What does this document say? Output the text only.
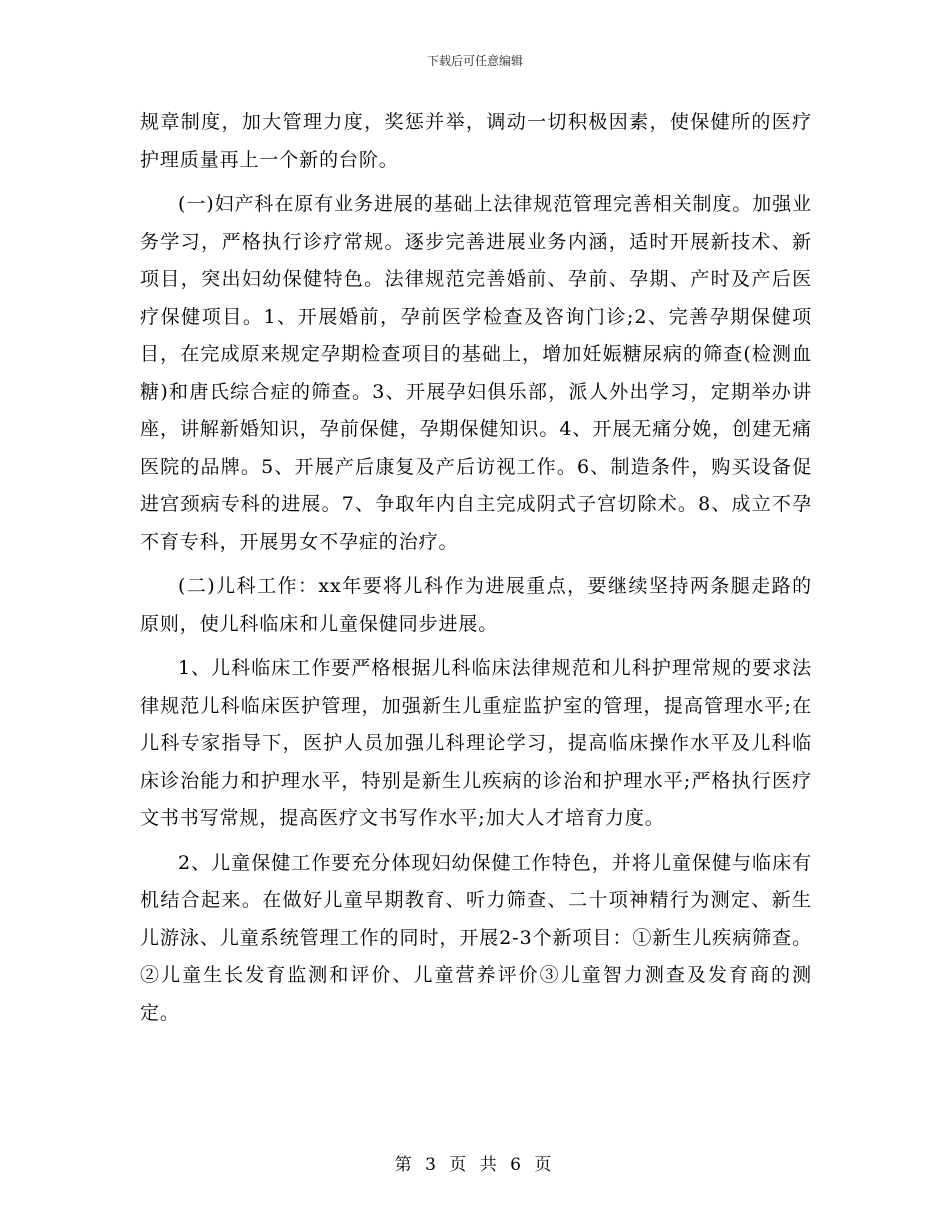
下载后可任意编辑

规章制度，加大管理力度，奖惩并举，调动一切积极因素，使保健所的医疗护理质量再上一个新的台阶。

(一)妇产科在原有业务进展的基础上法律规范管理完善相关制度。加强业务学习，严格执行诊疗常规。逐步完善进展业务内涵，适时开展新技术、新项目，突出妇幼保健特色。法律规范完善婚前、孕前、孕期、产时及产后医疗保健项目。1、开展婚前，孕前医学检查及咨询门诊;2、完善孕期保健项目，在完成原来规定孕期检查项目的基础上，增加妊娠糖尿病的筛查(检测血糖)和唐氏综合症的筛查。3、开展孕妇俱乐部，派人外出学习，定期举办讲座，讲解新婚知识，孕前保健，孕期保健知识。4、开展无痛分娩，创建无痛医院的品牌。5、开展产后康复及产后访视工作。6、制造条件，购买设备促进宫颈病专科的进展。7、争取年内自主完成阴式子宫切除术。8、成立不孕不育专科，开展男女不孕症的治疗。

(二)儿科工作：xx年要将儿科作为进展重点，要继续坚持两条腿走路的原则，使儿科临床和儿童保健同步进展。

1、儿科临床工作要严格根据儿科临床法律规范和儿科护理常规的要求法律规范儿科临床医护管理，加强新生儿重症监护室的管理，提高管理水平;在儿科专家指导下，医护人员加强儿科理论学习，提高临床操作水平及儿科临床诊治能力和护理水平，特别是新生儿疾病的诊治和护理水平;严格执行医疗文书书写常规，提高医疗文书写作水平;加大人才培育力度。

2、儿童保健工作要充分体现妇幼保健工作特色，并将儿童保健与临床有机结合起来。在做好儿童早期教育、听力筛查、二十项神精行为测定、新生儿游泳、儿童系统管理工作的同时，开展2-3个新项目：①新生儿疾病筛查。②儿童生长发育监测和评价、儿童营养评价③儿童智力测查及发育商的测定。

第 3 页 共 6 页
